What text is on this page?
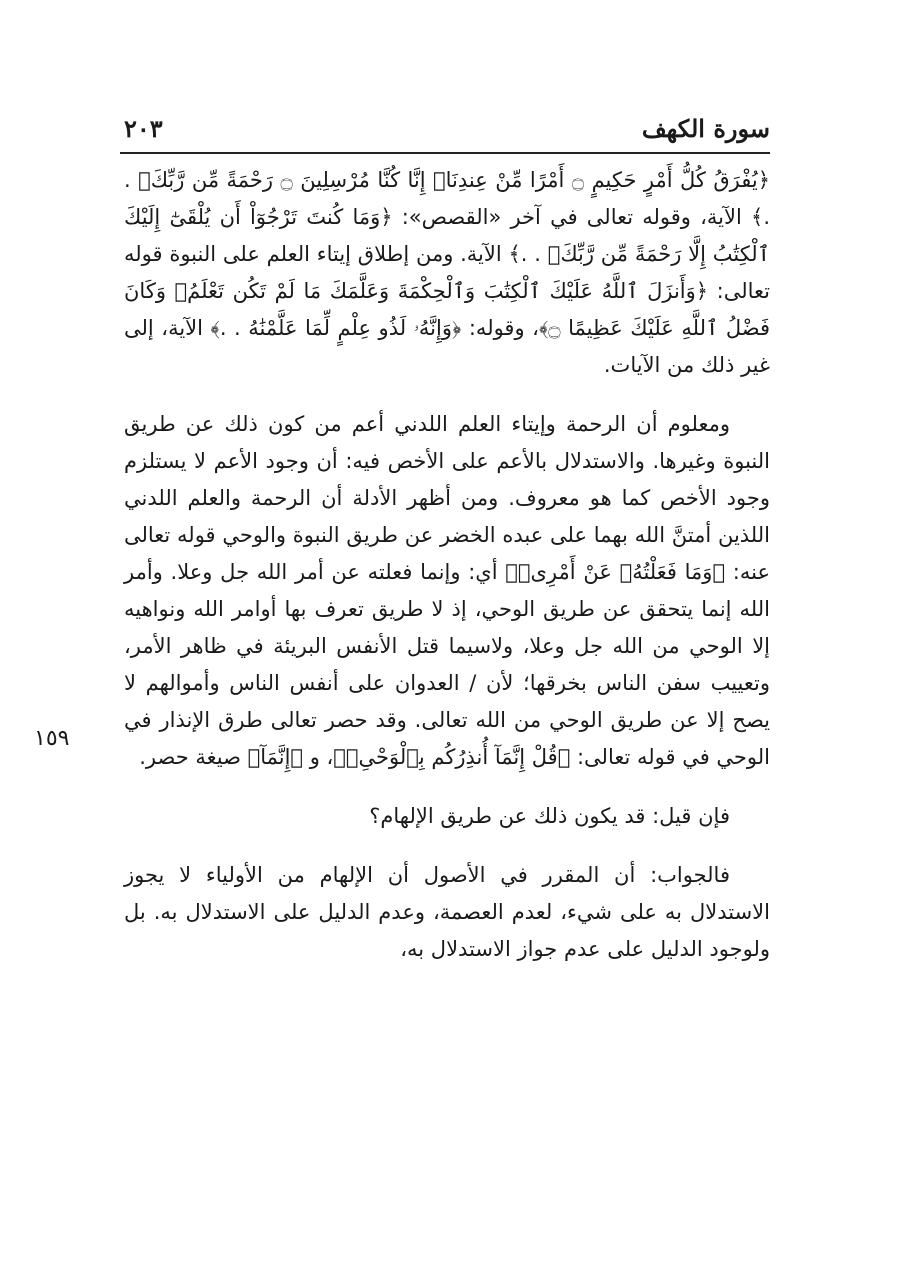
سورة الكهف
٢٠٣
١٥٩

﴿يُفْرَقُ كُلُّ أَمْرٍ حَكِيمٍ ۝ أَمْرًا مِّنْ عِندِنَاۚ إِنَّا كُنَّا مُرْسِلِينَ ۝ رَحْمَةً مِّن رَّبِّكَۚ . .﴾ الآية، وقوله تعالى في آخر «القصص»: ﴿وَمَا كُنتَ تَرْجُوٓاْ أَن يُلْقَىٰٓ إِلَيْكَ ٱلْكِتَٰبُ إِلَّا رَحْمَةً مِّن رَّبِّكَۖ . .﴾ الآية. ومن إطلاق إيتاء العلم على النبوة قوله تعالى: ﴿وَأَنزَلَ ٱللَّهُ عَلَيْكَ ٱلْكِتَٰبَ وَٱلْحِكْمَةَ وَعَلَّمَكَ مَا لَمْ تَكُن تَعْلَمُۚ وَكَانَ فَضْلُ ٱللَّهِ عَلَيْكَ عَظِيمًا ۝﴾، وقوله: ﴿وَإِنَّهُۥ لَذُو عِلْمٍ لِّمَا عَلَّمْنَٰهُ . .﴾ الآية، إلى غير ذلك من الآيات.

ومعلوم أن الرحمة وإيتاء العلم اللدني أعم من كون ذلك عن طريق النبوة وغيرها. والاستدلال بالأعم على الأخص فيه: أن وجود الأعم لا يستلزم وجود الأخص كما هو معروف. ومن أظهر الأدلة أن الرحمة والعلم اللدني اللذين أمتنَّ الله بهما على عبده الخضر عن طريق النبوة والوحي قوله تعالى عنه: ﴿وَمَا فَعَلْتُهُۥ عَنْ أَمْرِىۚ﴾ أي: وإنما فعلته عن أمر الله جل وعلا. وأمر الله إنما يتحقق عن طريق الوحي، إذ لا طريق تعرف بها أوامر الله ونواهيه إلا الوحي من الله جل وعلا، ولاسيما قتل الأنفس البريئة في ظاهر الأمر، وتعييب سفن الناس بخرقها؛ لأن / العدوان على أنفس الناس وأموالهم لا يصح إلا عن طريق الوحي من الله تعالى. وقد حصر تعالى طرق الإنذار في الوحي في قوله تعالى: ﴿قُلْ إِنَّمَآ أُنذِرُكُم بِٱلْوَحْىِۚ﴾، و ﴿إِنَّمَآ﴾ صيغة حصر.

فإن قيل: قد يكون ذلك عن طريق الإلهام؟

فالجواب: أن المقرر في الأصول أن الإلهام من الأولياء لا يجوز الاستدلال به على شيء، لعدم العصمة، وعدم الدليل على الاستدلال به. بل ولوجود الدليل على عدم جواز الاستدلال به،
